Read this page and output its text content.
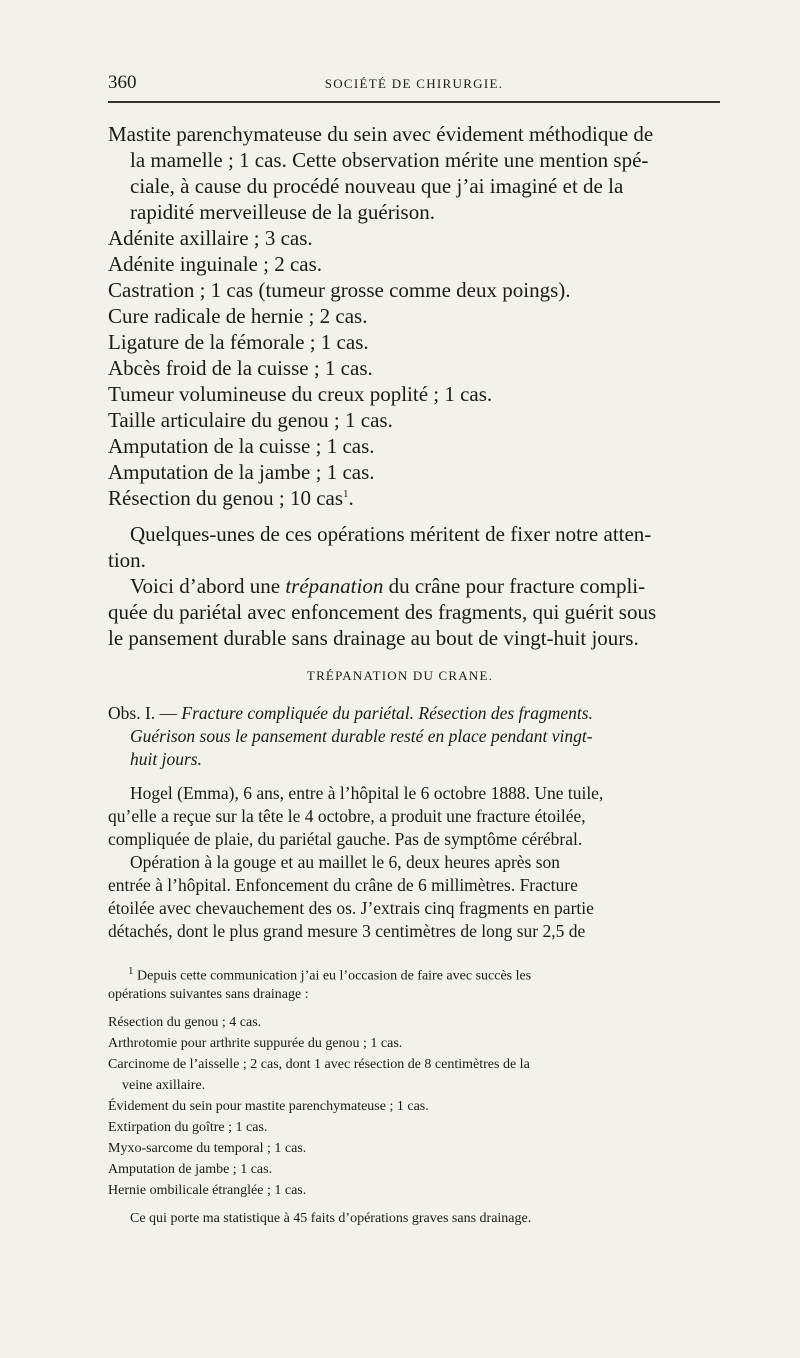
360	SOCIÉTÉ DE CHIRURGIE.
Mastite parenchymateuse du sein avec évidement méthodique de
la mamelle ; 1 cas. Cette observation mérite une mention spé-
ciale, à cause du procédé nouveau que j’ai imaginé et de la
rapidité merveilleuse de la guérison.
Adénite axillaire ; 3 cas.
Adénite inguinale ; 2 cas.
Castration ; 1 cas (tumeur grosse comme deux poings).
Cure radicale de hernie ; 2 cas.
Ligature de la fémorale ; 1 cas.
Abcès froid de la cuisse ; 1 cas.
Tumeur volumineuse du creux poplité ; 1 cas.
Taille articulaire du genou ; 1 cas.
Amputation de la cuisse ; 1 cas.
Amputation de la jambe ; 1 cas.
Résection du genou ; 10 cas$^1$.
Quelques-unes de ces opérations méritent de fixer notre atten-
tion.
Voici d’abord une trépanation du crâne pour fracture compli-
quée du pariétal avec enfoncement des fragments, qui guérit sous
le pansement durable sans drainage au bout de vingt-huit jours.
TRÉPANATION DU CRANE.
Obs. I. — Fracture compliquée du pariétal. Résection des fragments.
Guérison sous le pansement durable resté en place pendant vingt-
huit jours.
Hogel (Emma), 6 ans, entre à l’hôpital le 6 octobre 1888. Une tuile,
qu’elle a reçue sur la tête le 4 octobre, a produit une fracture étoilée,
compliquée de plaie, du pariétal gauche. Pas de symptôme cérébral.
Opération à la gouge et au maillet le 6, deux heures après son
entrée à l’hôpital. Enfoncement du crâne de 6 millimètres. Fracture
étoilée avec chevauchement des os. J’extrais cinq fragments en partie
détachés, dont le plus grand mesure 3 centimètres de long sur 2,5 de
$^1$ Depuis cette communication j’ai eu l’occasion de faire avec succès les
opérations suivantes sans drainage :
Résection du genou ; 4 cas.
Arthrotomie pour arthrite suppurée du genou ; 1 cas.
Carcinome de l’aisselle ; 2 cas, dont 1 avec résection de 8 centimètres de la
veine axillaire.
Évidement du sein pour mastite parenchymateuse ; 1 cas.
Extirpation du goître ; 1 cas.
Myxo-sarcome du temporal ; 1 cas.
Amputation de jambe ; 1 cas.
Hernie ombilicale étranglée ; 1 cas.
Ce qui porte ma statistique à 45 faits d’opérations graves sans drainage.
